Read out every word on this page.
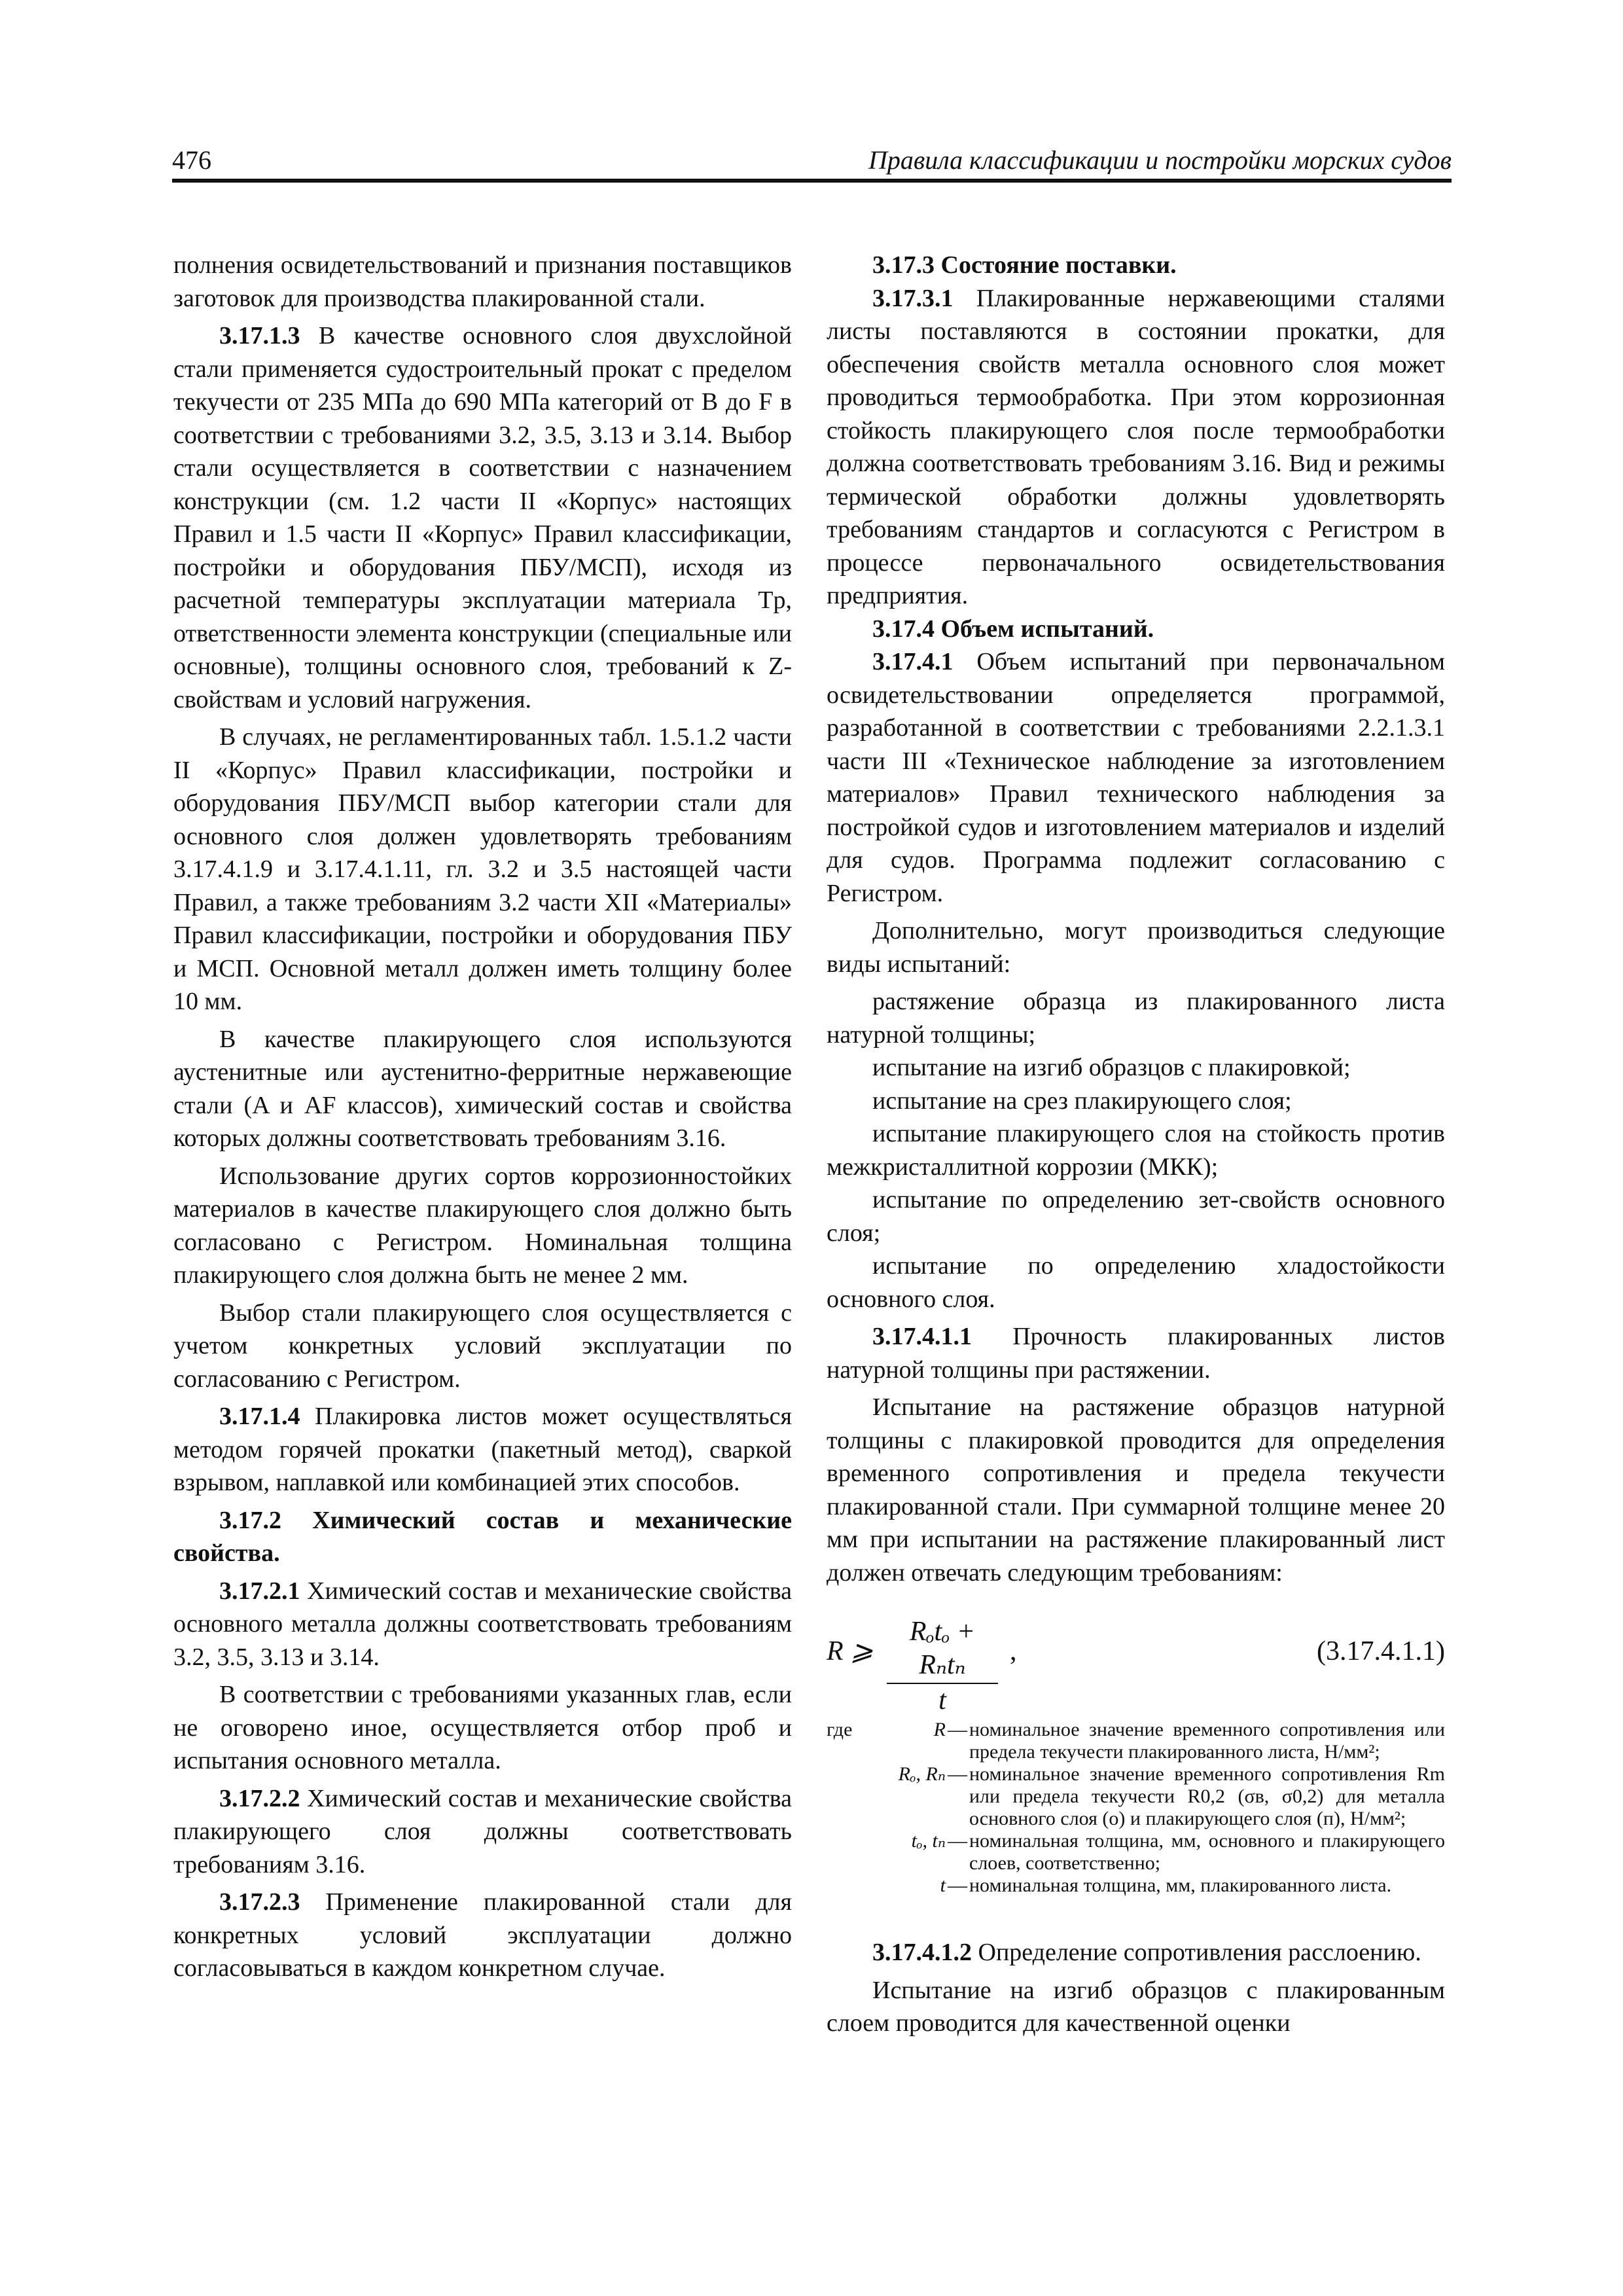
476	Правила классификации и постройки морских судов

полнения освидетельствований и признания поставщиков заготовок для производства плакированной стали.

3.17.1.3 В качестве основного слоя двухслойной стали применяется судостроительный прокат с пределом текучести от 235 МПа до 690 МПа категорий от B до F в соответствии с требованиями 3.2, 3.5, 3.13 и 3.14. Выбор стали осуществляется в соответствии с назначением конструкции (см. 1.2 части II «Корпус» настоящих Правил и 1.5 части II «Корпус» Правил классификации, постройки и оборудования ПБУ/МСП), исходя из расчетной температуры эксплуатации материала Tp, ответственности элемента конструкции (специальные или основные), толщины основного слоя, требований к Z-свойствам и условий нагружения.

В случаях, не регламентированных табл. 1.5.1.2 части II «Корпус» Правил классификации, постройки и оборудования ПБУ/МСП выбор категории стали для основного слоя должен удовлетворять требованиям 3.17.4.1.9 и 3.17.4.1.11, гл. 3.2 и 3.5 настоящей части Правил, а также требованиям 3.2 части XII «Материалы» Правил классификации, постройки и оборудования ПБУ и МСП. Основной металл должен иметь толщину более 10 мм.

В качестве плакирующего слоя используются аустенитные или аустенитно-ферритные нержавеющие стали (A и AF классов), химический состав и свойства которых должны соответствовать требованиям 3.16.

Использование других сортов коррозионностойких материалов в качестве плакирующего слоя должно быть согласовано с Регистром. Номинальная толщина плакирующего слоя должна быть не менее 2 мм.

Выбор стали плакирующего слоя осуществляется с учетом конкретных условий эксплуатации по согласованию с Регистром.

3.17.1.4 Плакировка листов может осуществляться методом горячей прокатки (пакетный метод), сваркой взрывом, наплавкой или комбинацией этих способов.

3.17.2 Химический состав и механические свойства.

3.17.2.1 Химический состав и механические свойства основного металла должны соответствовать требованиям 3.2, 3.5, 3.13 и 3.14.

В соответствии с требованиями указанных глав, если не оговорено иное, осуществляется отбор проб и испытания основного металла.

3.17.2.2 Химический состав и механические свойства плакирующего слоя должны соответствовать требованиям 3.16.

3.17.2.3 Применение плакированной стали для конкретных условий эксплуатации должно согласовываться в каждом конкретном случае.

3.17.3 Состояние поставки.

3.17.3.1 Плакированные нержавеющими сталями листы поставляются в состоянии прокатки, для обеспечения свойств металла основного слоя может проводиться термообработка. При этом коррозионная стойкость плакирующего слоя после термообработки должна соответствовать требованиям 3.16. Вид и режимы термической обработки должны удовлетворять требованиям стандартов и согласуются с Регистром в процессе первоначального освидетельствования предприятия.

3.17.4 Объем испытаний.

3.17.4.1 Объем испытаний при первоначальном освидетельствовании определяется программой, разработанной в соответствии с требованиями 2.2.1.3.1 части III «Техническое наблюдение за изготовлением материалов» Правил технического наблюдения за постройкой судов и изготовлением материалов и изделий для судов. Программа подлежит согласованию с Регистром.

Дополнительно, могут производиться следующие виды испытаний:

растяжение образца из плакированного листа натурной толщины;

испытание на изгиб образцов с плакировкой;

испытание на срез плакирующего слоя;

испытание плакирующего слоя на стойкость против межкристаллитной коррозии (МКК);

испытание по определению зет-свойств основного слоя;

испытание по определению хладостойкости основного слоя.

3.17.4.1.1 Прочность плакированных листов натурной толщины при растяжении.

Испытание на растяжение образцов натурной толщины с плакировкой проводится для определения временного сопротивления и предела текучести плакированной стали. При суммарной толщине менее 20 мм при испытании на растяжение плакированный лист должен отвечать следующим требованиям:

R ⩾
Rₒtₒ + Rₙtₙ
t
,	(3.17.4.1.1)
где	R — номинальное значение временного сопротивления или предела текучести плакированного листа, Н/мм²;
Rₒ, Rₙ — номинальное значение временного сопротивления Rm или предела текучести R0,2 (σв, σ0,2) для металла основного слоя (о) и плакирующего слоя (п), Н/мм²;
tₒ, tₙ — номинальная толщина, мм, основного и плакирующего слоев, соответственно;
t — номинальная толщина, мм, плакированного листа.

3.17.4.1.2 Определение сопротивления расслоению.

Испытание на изгиб образцов с плакированным слоем проводится для качественной оценки
